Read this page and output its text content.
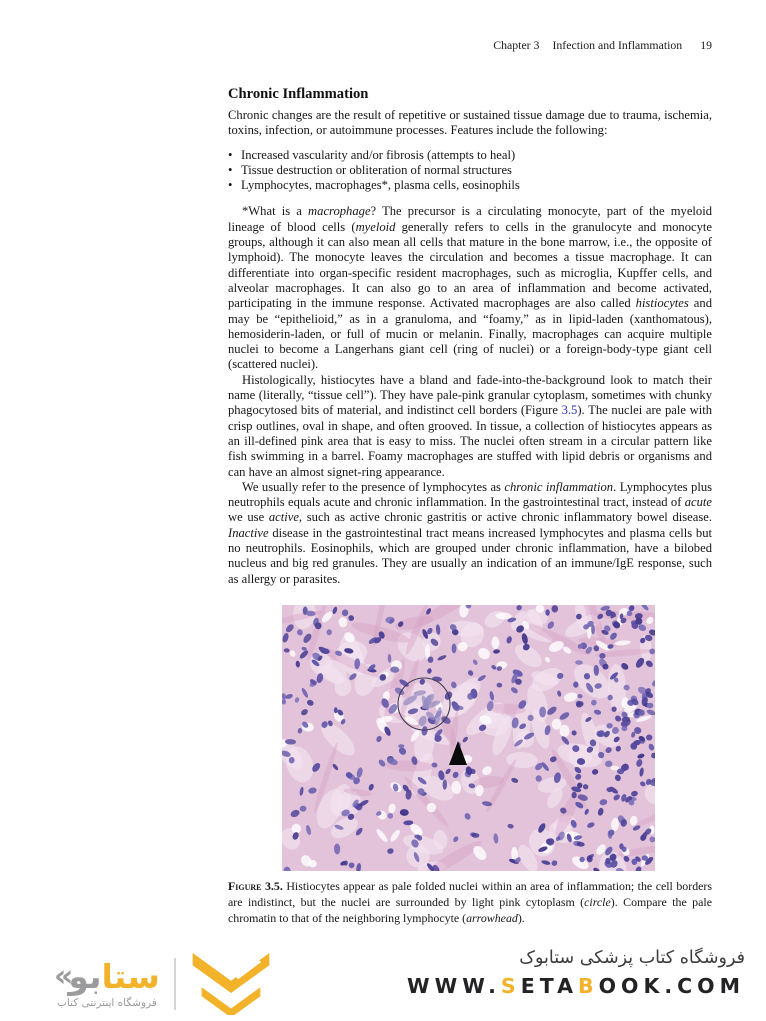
Chapter 3 Infection and Inflammation 19
Chronic Inflammation

Chronic changes are the result of repetitive or sustained tissue damage due to trauma, ischemia, toxins, infection, or autoimmune processes. Features include the following:

• Increased vascularity and/or fibrosis (attempts to heal)
• Tissue destruction or obliteration of normal structures
• Lymphocytes, macrophages*, plasma cells, eosinophils

*What is a macrophage? The precursor is a circulating monocyte, part of the myeloid lineage of blood cells (myeloid generally refers to cells in the granulocyte and monocyte groups, although it can also mean all cells that mature in the bone marrow, i.e., the opposite of lymphoid). The monocyte leaves the circulation and becomes a tissue macrophage. It can differentiate into organ-specific resident macrophages, such as microglia, Kupffer cells, and alveolar macrophages. It can also go to an area of inflammation and become activated, participating in the immune response. Activated macrophages are also called histiocytes and may be “epithelioid,” as in a granuloma, and “foamy,” as in lipid-laden (xanthomatous), hemosiderin-laden, or full of mucin or melanin. Finally, macrophages can acquire multiple nuclei to become a Langerhans giant cell (ring of nuclei) or a foreign-body-type giant cell (scattered nuclei).

Histologically, histiocytes have a bland and fade-into-the-background look to match their name (literally, “tissue cell”). They have pale-pink granular cytoplasm, sometimes with chunky phagocytosed bits of material, and indistinct cell borders (Figure 3.5). The nuclei are pale with crisp outlines, oval in shape, and often grooved. In tissue, a collection of histiocytes appears as an ill-defined pink area that is easy to miss. The nuclei often stream in a circular pattern like fish swimming in a barrel. Foamy macrophages are stuffed with lipid debris or organisms and can have an almost signet-ring appearance.

We usually refer to the presence of lymphocytes as chronic inflammation. Lymphocytes plus neutrophils equals acute and chronic inflammation. In the gastrointestinal tract, instead of acute we use active, such as active chronic gastritis or active chronic inflammatory bowel disease. Inactive disease in the gastrointestinal tract means increased lymphocytes and plasma cells but no neutrophils. Eosinophils, which are grouped under chronic inflammation, have a bilobed nucleus and big red granules. They are usually an indication of an immune/IgE response, such as allergy or parasites.

Figure 3.5. Histiocytes appear as pale folded nuclei within an area of inflammation; the cell borders are indistinct, but the nuclei are surrounded by light pink cytoplasm (circle). Compare the pale chromatin to that of the neighboring lymphocyte (arrowhead).
« بو ستا
فروشگاه اینترنتی کتاب
فروشگاه کتاب پزشکی ستابوک
WWW.SETABOOK.COM
